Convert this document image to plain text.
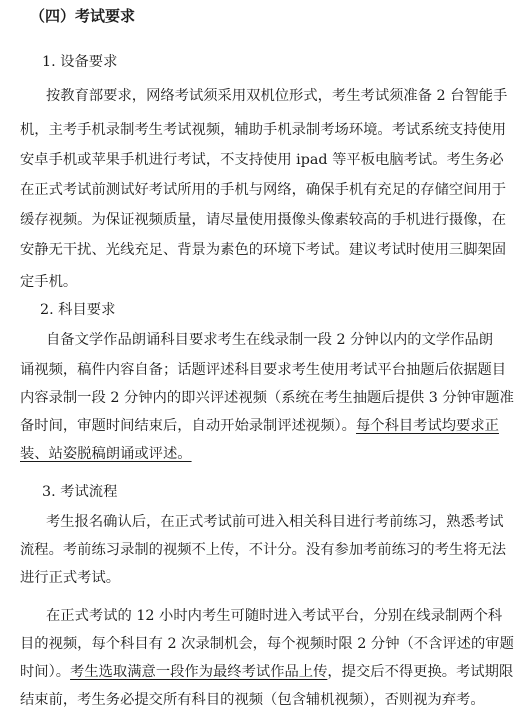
（四）考试要求
1. 设备要求
按教育部要求，网络考试须采用双机位形式，考生考试须准备 2 台智能手
机，主考手机录制考生考试视频，辅助手机录制考场环境。考试系统支持使用
安卓手机或苹果手机进行考试，不支持使用 ipad 等平板电脑考试。考生务必
在正式考试前测试好考试所用的手机与网络，确保手机有充足的存储空间用于
缓存视频。为保证视频质量，请尽量使用摄像头像素较高的手机进行摄像，在
安静无干扰、光线充足、背景为素色的环境下考试。建议考试时使用三脚架固
定手机。
2. 科目要求
自备文学作品朗诵科目要求考生在线录制一段 2 分钟以内的文学作品朗
诵视频，稿件内容自备；话题评述科目要求考生使用考试平台抽题后依据题目
内容录制一段 2 分钟内的即兴评述视频（系统在考生抽题后提供 3 分钟审题准
备时间，审题时间结束后，自动开始录制评述视频）。每个科目考试均要求正
装、站姿脱稿朗诵或评述。
3. 考试流程
考生报名确认后，在正式考试前可进入相关科目进行考前练习，熟悉考试
流程。考前练习录制的视频不上传，不计分。没有参加考前练习的考生将无法
进行正式考试。
在正式考试的 12 小时内考生可随时进入考试平台，分别在线录制两个科
目的视频，每个科目有 2 次录制机会，每个视频时限 2 分钟（不含评述的审题
时间）。考生选取满意一段作为最终考试作品上传，提交后不得更换。考试期限
结束前，考生务必提交所有科目的视频（包含辅机视频），否则视为弃考。
